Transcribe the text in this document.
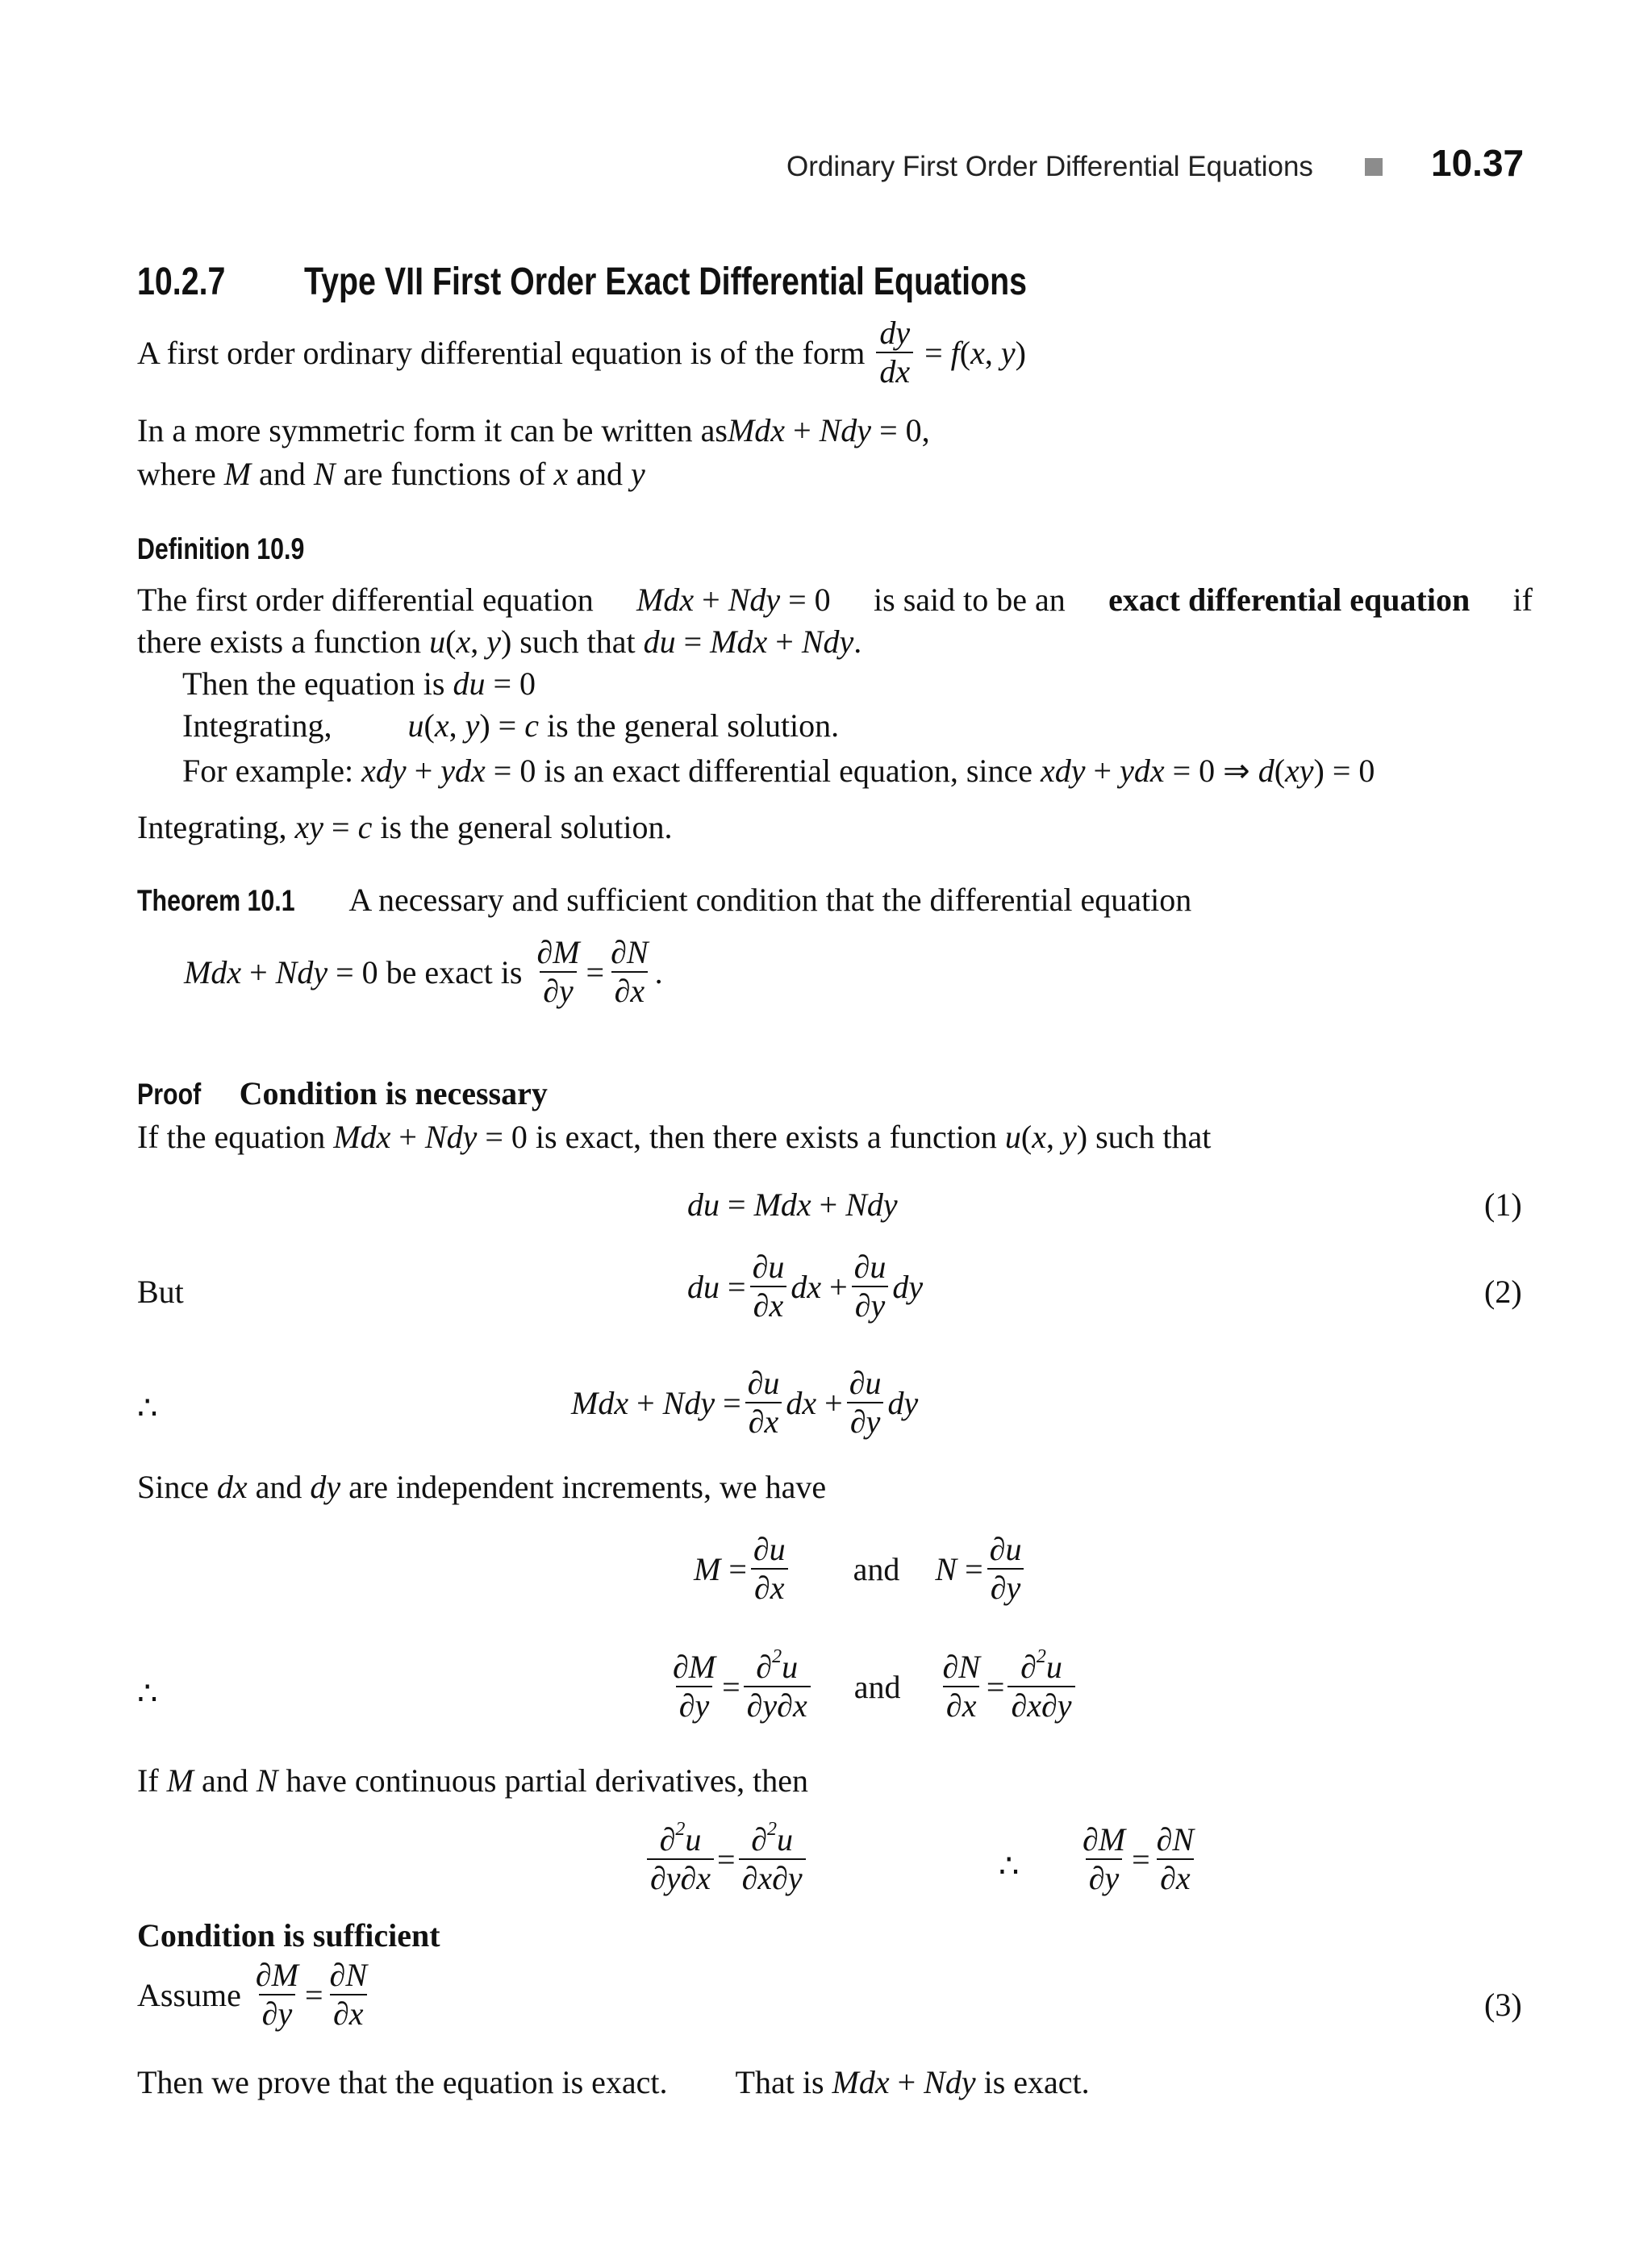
Ordinary First Order Differential Equations	10.37
10.2.7 Type VII First Order Exact Differential Equations
A first order ordinary differential equation is of the form $\frac{dy}{dx} = f(x$, y)
In a more symmetric form it can be written asMdx + Ndy = 0,
where M and N are functions of x and y
Definition 10.9
The first order differential equation Mdx + Ndy = 0 is said to be an exact differential equation if
there exists a function u(x, y) such that du = Mdx + Ndy.
Then the equation is du = 0
Integrating, u(x, y) = c is the general solution.
For example: xdy + ydx = 0 is an exact differential equation, since xdy + ydx = 0 ⇒ d(xy) = 0
Integrating, xy = c is the general solution.
Theorem 10.1 A necessary and sufficient condition that the differential equation
Mdx + Ndy = 0 be exact is $\frac{\partial M}{\partial y} = \frac{\partial N}{\partial x}$ .
Proof Condition is necessary
If the equation Mdx + Ndy = 0 is exact, then there exists a function u(x, y) such that
du = Mdx + Ndy	(1)
But	du = $\frac{\partial u}{\partial x}$ dx + $\frac{\partial u}{\partial y}$ dy	(2)
∴	Mdx + Ndy = $\frac{\partial u}{\partial x}$ dx + $\frac{\partial u}{\partial y}$ dy
Since dx and dy are independent increments, we have
$M = \frac{\partial u}{\partial x}$ and $N = \frac{\partial u}{\partial y}$
∴	$\frac{\partial M}{\partial y} = \frac{\partial^2u}{\partial y\partial x}$ and $\frac{\partial N}{\partial x} = \frac{\partial^2u}{\partial x\partial y}$
If M and N have continuous partial derivatives, then
$\frac{\partial^2u}{\partial y\partial x} = \frac{\partial^2u}{\partial x\partial y}$	∴ $\frac{\partial M}{\partial y} = \frac{\partial N}{\partial x}$
Condition is sufficient
Assume $\frac{\partial M}{\partial y} = \frac{\partial N}{\partial x}$	(3)
Then we prove that the equation is exact. That is Mdx + Ndy is exact.
